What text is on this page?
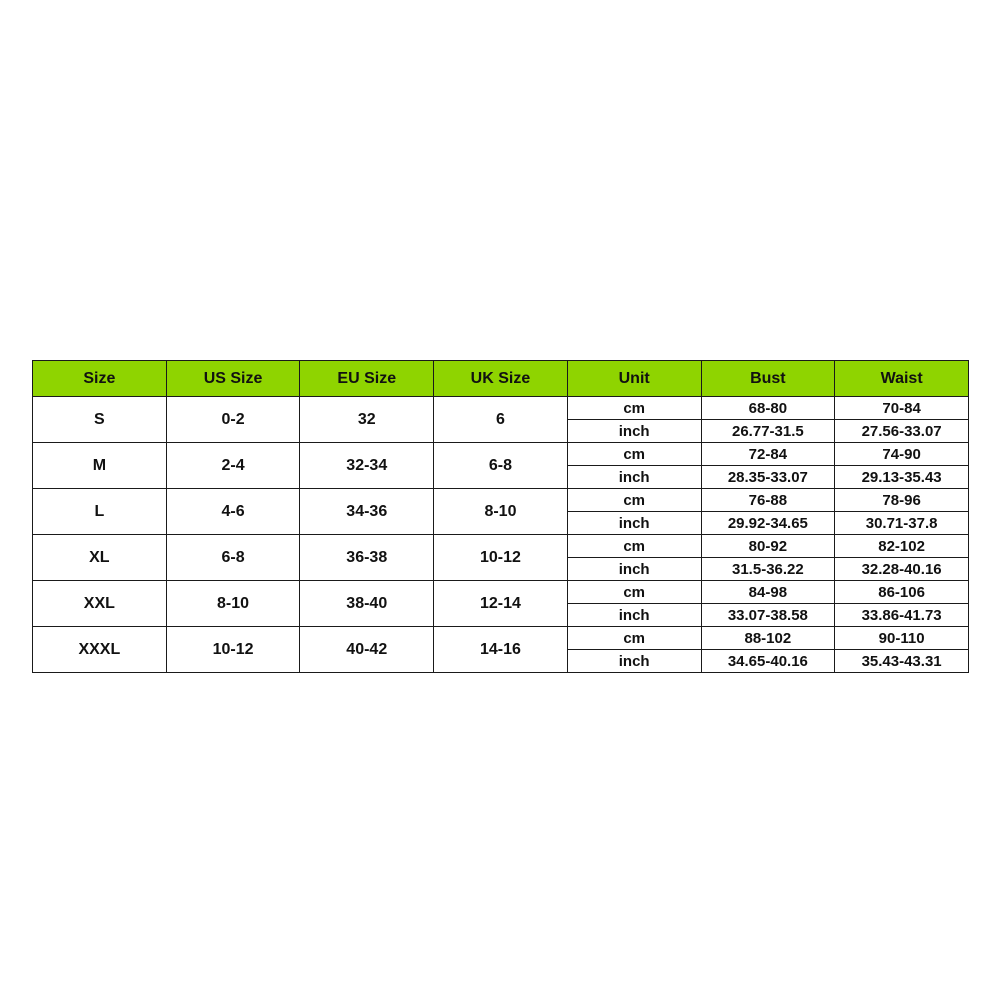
Size	US Size	EU Size	UK Size	Unit	Bust	Waist
S	0-2	32	6	cm	68-80	70-84
				inch	26.77-31.5	27.56-33.07
M	2-4	32-34	6-8	cm	72-84	74-90
				inch	28.35-33.07	29.13-35.43
L	4-6	34-36	8-10	cm	76-88	78-96
				inch	29.92-34.65	30.71-37.8
XL	6-8	36-38	10-12	cm	80-92	82-102
				inch	31.5-36.22	32.28-40.16
XXL	8-10	38-40	12-14	cm	84-98	86-106
				inch	33.07-38.58	33.86-41.73
XXXL	10-12	40-42	14-16	cm	88-102	90-110
				inch	34.65-40.16	35.43-43.31
